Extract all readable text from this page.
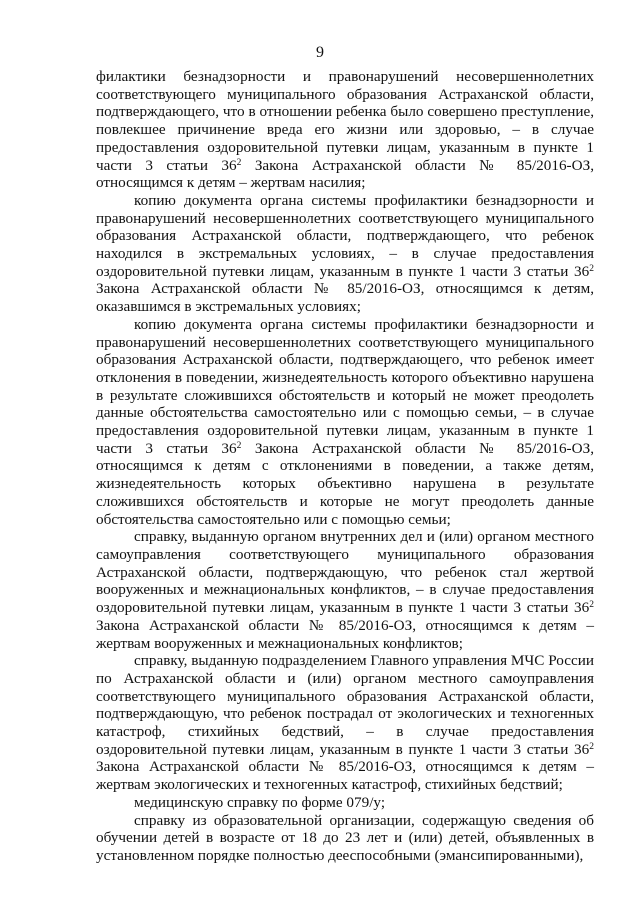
9

филактики безнадзорности и правонарушений несовершеннолетних соответствующего муниципального образования Астраханской области, подтверждающего, что в отношении ребенка было совершено преступление, повлекшее причинение вреда его жизни или здоровью, – в случае предоставления оздоровительной путевки лицам, указанным в пункте 1 части 3 статьи $36^2$ Закона Астраханской области № 85/2016-ОЗ, относящимся к детям – жертвам насилия;

копию документа органа системы профилактики безнадзорности и правонарушений несовершеннолетних соответствующего муниципального образования Астраханской области, подтверждающего, что ребенок находился в экстремальных условиях, – в случае предоставления оздоровительной путевки лицам, указанным в пункте 1 части 3 статьи $36^2$ Закона Астраханской области № 85/2016-ОЗ, относящимся к детям, оказавшимся в экстремальных условиях;

копию документа органа системы профилактики безнадзорности и правонарушений несовершеннолетних соответствующего муниципального образования Астраханской области, подтверждающего, что ребенок имеет отклонения в поведении, жизнедеятельность которого объективно нарушена в результате сложившихся обстоятельств и который не может преодолеть данные обстоятельства самостоятельно или с помощью семьи, – в случае предоставления оздоровительной путевки лицам, указанным в пункте 1 части 3 статьи $36^2$ Закона Астраханской области № 85/2016-ОЗ, относящимся к детям с отклонениями в поведении, а также детям, жизнедеятельность которых объективно нарушена в результате сложившихся обстоятельств и которые не могут преодолеть данные обстоятельства самостоятельно или с помощью семьи;

справку, выданную органом внутренних дел и (или) органом местного самоуправления соответствующего муниципального образования Астраханской области, подтверждающую, что ребенок стал жертвой вооруженных и межнациональных конфликтов, – в случае предоставления оздоровительной путевки лицам, указанным в пункте 1 части 3 статьи $36^2$ Закона Астраханской области № 85/2016-ОЗ, относящимся к детям – жертвам вооруженных и межнациональных конфликтов;

справку, выданную подразделением Главного управления МЧС России по Астраханской области и (или) органом местного самоуправления соответствующего муниципального образования Астраханской области, подтверждающую, что ребенок пострадал от экологических и техногенных катастроф, стихийных бедствий, – в случае предоставления оздоровительной путевки лицам, указанным в пункте 1 части 3 статьи $36^2$ Закона Астраханской области № 85/2016-ОЗ, относящимся к детям – жертвам экологических и техногенных катастроф, стихийных бедствий;

медицинскую справку по форме 079/у;

справку из образовательной организации, содержащую сведения об обучении детей в возрасте от 18 до 23 лет и (или) детей, объявленных в установленном порядке полностью дееспособными (эмансипированными),
